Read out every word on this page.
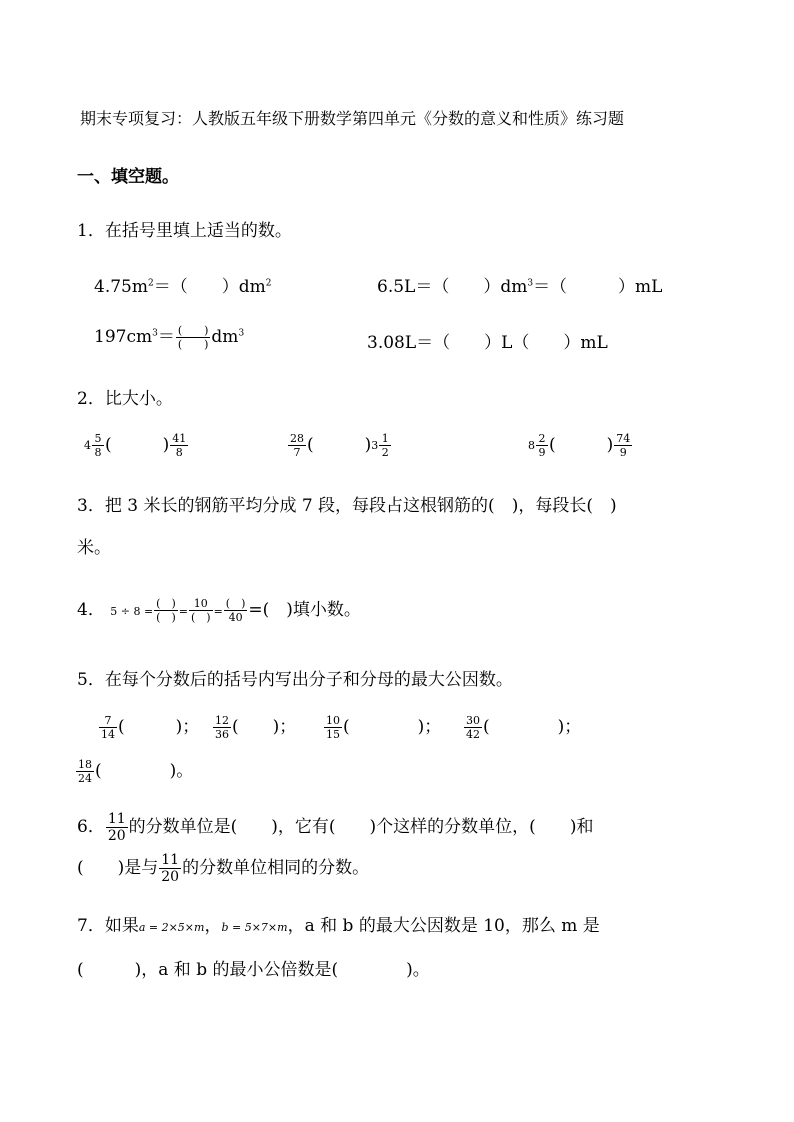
期末专项复习：人教版五年级下册数学第四单元《分数的意义和性质》练习题
一、填空题。
1．在括号里填上适当的数。
$4.75m^2=$（　　）$dm^2$	6.5L＝（　　）$dm^3=$（　　　）mL
$197cm^3=$ (　　)
(　　) $dm^3$	3.08L＝（　　）L（　　）mL
2．比大小。
$4 \frac{5}{8}$ (　　　) $\frac{41}{8}$	$\frac{28}{7}$ (　　　)$3 \frac{1}{2}$	$8 \frac{2}{9}$ (　　　) $\frac{74}{9}$
3．把 3 米长的钢筋平均分成 7 段，每段占这根钢筋的(　)，每段长(　)
米。
4． 5 ÷ 8 =
(　)
(　) =
10
(　) =
(　)
40 =(　)填小数。
5．在每个分数后的括号内写出分子和分母的最大公因数。
$\frac{7}{14}$ (　　　)； $\frac{12}{36}$ (　　)；	$\frac{10}{15}$ (　　　　)； $\frac{30}{42}$ (　　　　)；
$\frac{18}{24}$ (　　　　)。
6． $\frac{11}{20}$ 的分数单位是(　　)，它有(　　)个这样的分数单位，(　　)和
(　　)是与 $\frac{11}{20}$ 的分数单位相同的分数。
7．如果a = 2×5×m，b = 5×7×m，a 和 b 的最大公因数是 10，那么 m 是
(　　　)，a 和 b 的最小公倍数是(　　　　)。
